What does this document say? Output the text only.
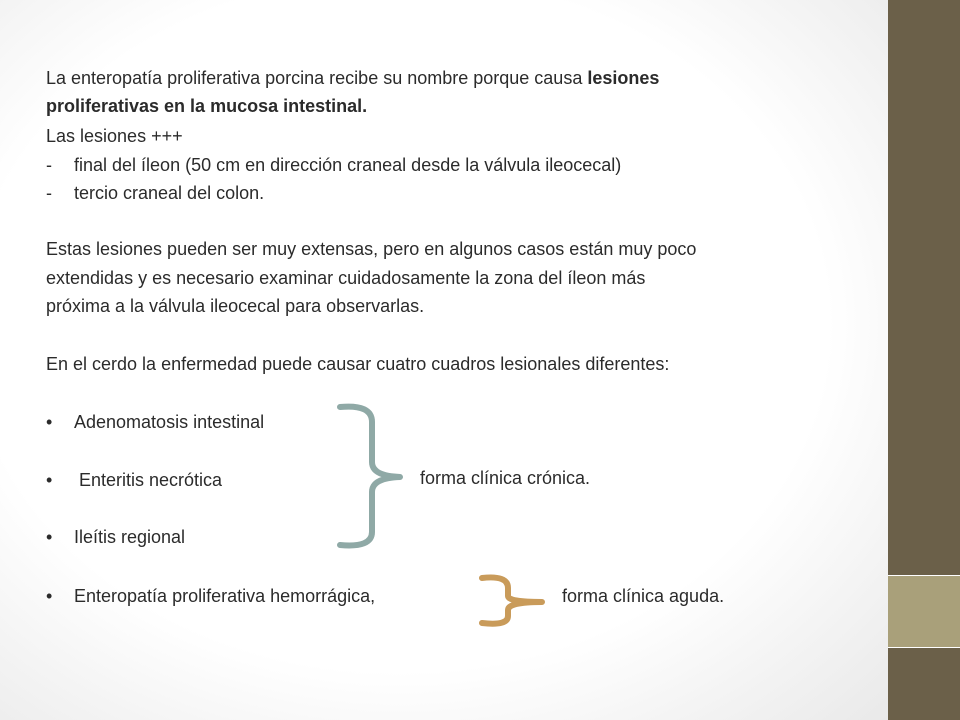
La enteropatía proliferativa porcina recibe su nombre porque causa lesiones
proliferativas en la mucosa intestinal.
Las lesiones +++
- final del íleon (50 cm en dirección craneal desde la válvula ileocecal)
- tercio craneal del colon.
Estas lesiones pueden ser muy extensas, pero en algunos casos están muy poco
extendidas y es necesario examinar cuidadosamente la zona del íleon más
próxima a la válvula ileocecal para observarlas.
En el cerdo la enfermedad puede causar cuatro cuadros lesionales diferentes:
• Adenomatosis intestinal
• Enteritis necrótica
• Ileítis regional
• Enteropatía proliferativa hemorrágica,
forma clínica crónica.
forma clínica aguda.
